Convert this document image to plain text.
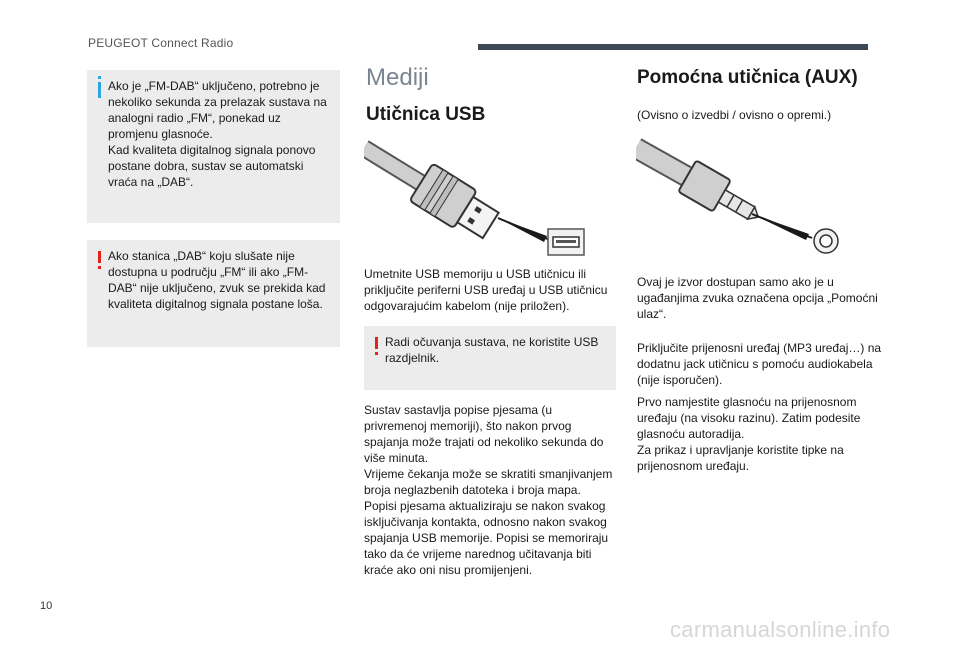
PEUGEOT Connect Radio
Ako je „FM-DAB“ uključeno, potrebno je nekoliko sekunda za prelazak sustava na analogni radio „FM“, ponekad uz promjenu glasnoće.
Kad kvaliteta digitalnog signala ponovo postane dobra, sustav se automatski vraća na „DAB“.
Ako stanica „DAB“ koju slušate nije dostupna u području „FM“ ili ako „FM-DAB“ nije uključeno, zvuk se prekida kad kvaliteta digitalnog signala postane loša.
Mediji
Utičnica USB
Umetnite USB memoriju u USB utičnicu ili priključite periferni USB uređaj u USB utičnicu odgovarajućim kabelom (nije priložen).
Radi očuvanja sustava, ne koristite USB razdjelnik.
Sustav sastavlja popise pjesama (u privremenoj memoriji), što nakon prvog spajanja može trajati od nekoliko sekunda do više minuta.
Vrijeme čekanja može se skratiti smanjivanjem broja neglazbenih datoteka i broja mapa.
Popisi pjesama aktualiziraju se nakon svakog isključivanja kontakta, odnosno nakon svakog spajanja USB memorije. Popisi se memoriraju tako da će vrijeme narednog učitavanja biti kraće ako oni nisu promijenjeni.
Pomoćna utičnica (AUX)
(Ovisno o izvedbi / ovisno o opremi.)
Ovaj je izvor dostupan samo ako je u ugađanjima zvuka označena opcija „Pomoćni ulaz“.
Priključite prijenosni uređaj (MP3 uređaj…) na dodatnu jack utičnicu s pomoću audiokabela (nije isporučen).
Prvo namjestite glasnoću na prijenosnom uređaju (na visoku razinu). Zatim podesite glasnoću autoradija.
Za prikaz i upravljanje koristite tipke na prijenosnom uređaju.
10
carmanualsonline.info
